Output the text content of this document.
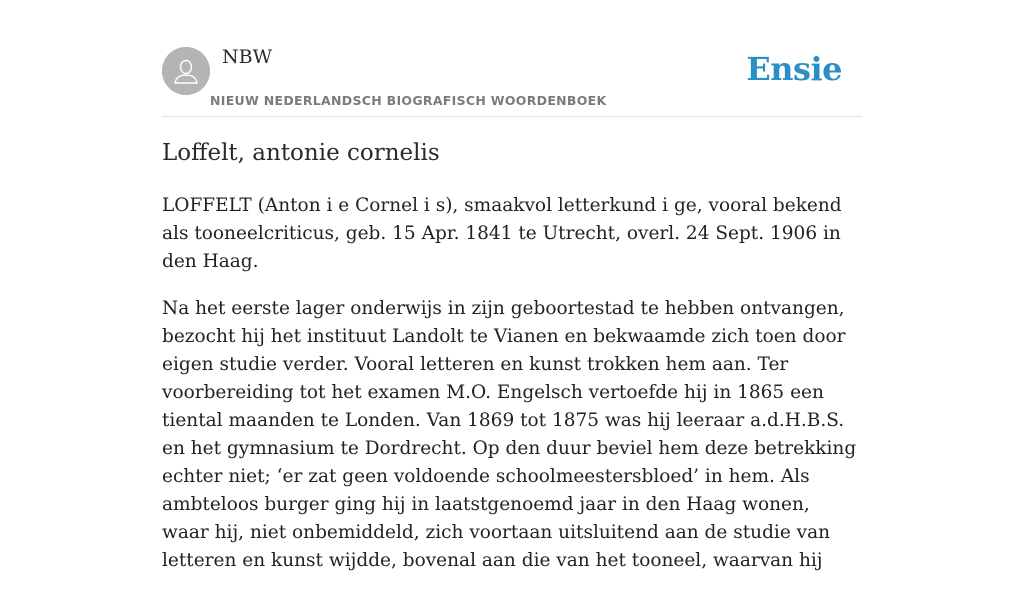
NBW
NIEUW NEDERLANDSCH BIOGRAFISCH WOORDENBOEK
Ensie
Loffelt, antonie cornelis

LOFFELT (Anton i e Cornel i s), smaakvol letterkund i ge, vooral bekend als tooneelcriticus, geb. 15 Apr. 1841 te Utrecht, overl. 24 Sept. 1906 in den Haag.

Na het eerste lager onderwijs in zijn geboortestad te hebben ontvangen, bezocht hij het instituut Landolt te Vianen en bekwaamde zich toen door eigen studie verder. Vooral letteren en kunst trokken hem aan. Ter voorbereiding tot het examen M.O. Engelsch vertoefde hij in 1865 een tiental maanden te Londen. Van 1869 tot 1875 was hij leeraar a.d.H.B.S. en het gymnasium te Dordrecht. Op den duur beviel hem deze betrekking echter niet; ‘er zat geen voldoende schoolmeestersbloed’ in hem. Als ambteloos burger ging hij in laatstgenoemd jaar in den Haag wonen, waar hij, niet onbemiddeld, zich voortaan uitsluitend aan de studie van letteren en kunst wijdde, bovenal aan die van het tooneel, waarvan hij
